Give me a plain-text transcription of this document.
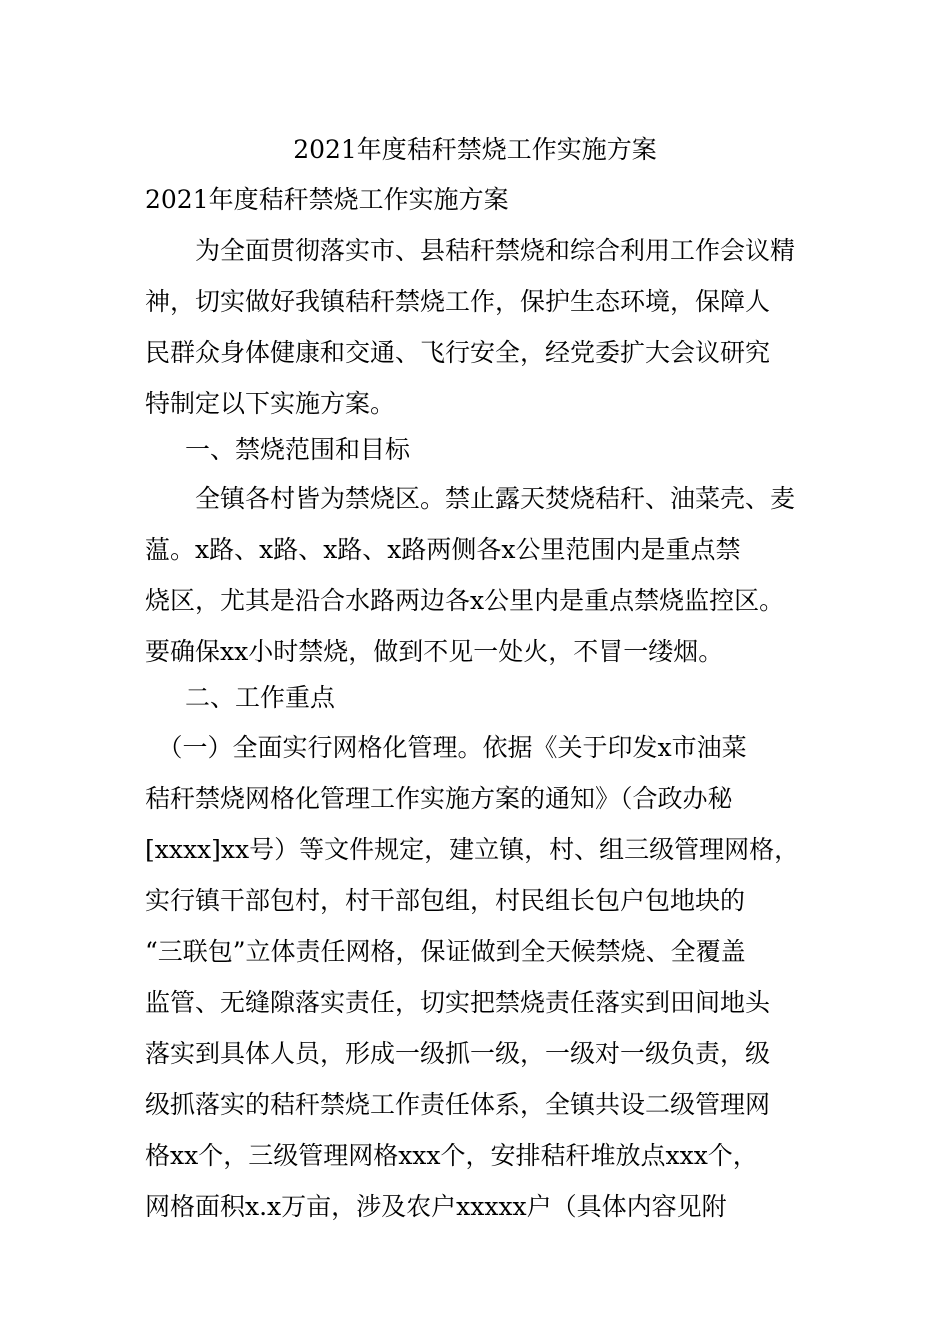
2021年度秸秆禁烧工作实施方案
2021年度秸秆禁烧工作实施方案
　　为全面贯彻落实市、县秸秆禁烧和综合利用工作会议精
神，切实做好我镇秸秆禁烧工作，保护生态环境，保障人
民群众身体健康和交通、飞行安全，经党委扩大会议研究
特制定以下实施方案。
一、禁烧范围和目标
　　全镇各村皆为禁烧区。禁止露天焚烧秸秆、油菜壳、麦
蕰。x路、x路、x路、x路两侧各x公里范围内是重点禁
烧区，尤其是沿合水路两边各x公里内是重点禁烧监控区。
要确保xx小时禁烧，做到不见一处火，不冒一缕烟。
二、工作重点
　（一）全面实行网格化管理。依据《关于印发x市油菜
秸秆禁烧网格化管理工作实施方案的通知》（合政办秘
[xxxx]xx号）等文件规定，建立镇，村、组三级管理网格，
实行镇干部包村，村干部包组，村民组长包户包地块的
“三联包”立体责任网格，保证做到全天候禁烧、全覆盖
监管、无缝隙落实责任，切实把禁烧责任落实到田间地头
落实到具体人员，形成一级抓一级，一级对一级负责，级
级抓落实的秸秆禁烧工作责任体系，全镇共设二级管理网
格xx个，三级管理网格xxx个，安排秸秆堆放点xxx个，
网格面积x.x万亩，涉及农户xxxxx户（具体内容见附
